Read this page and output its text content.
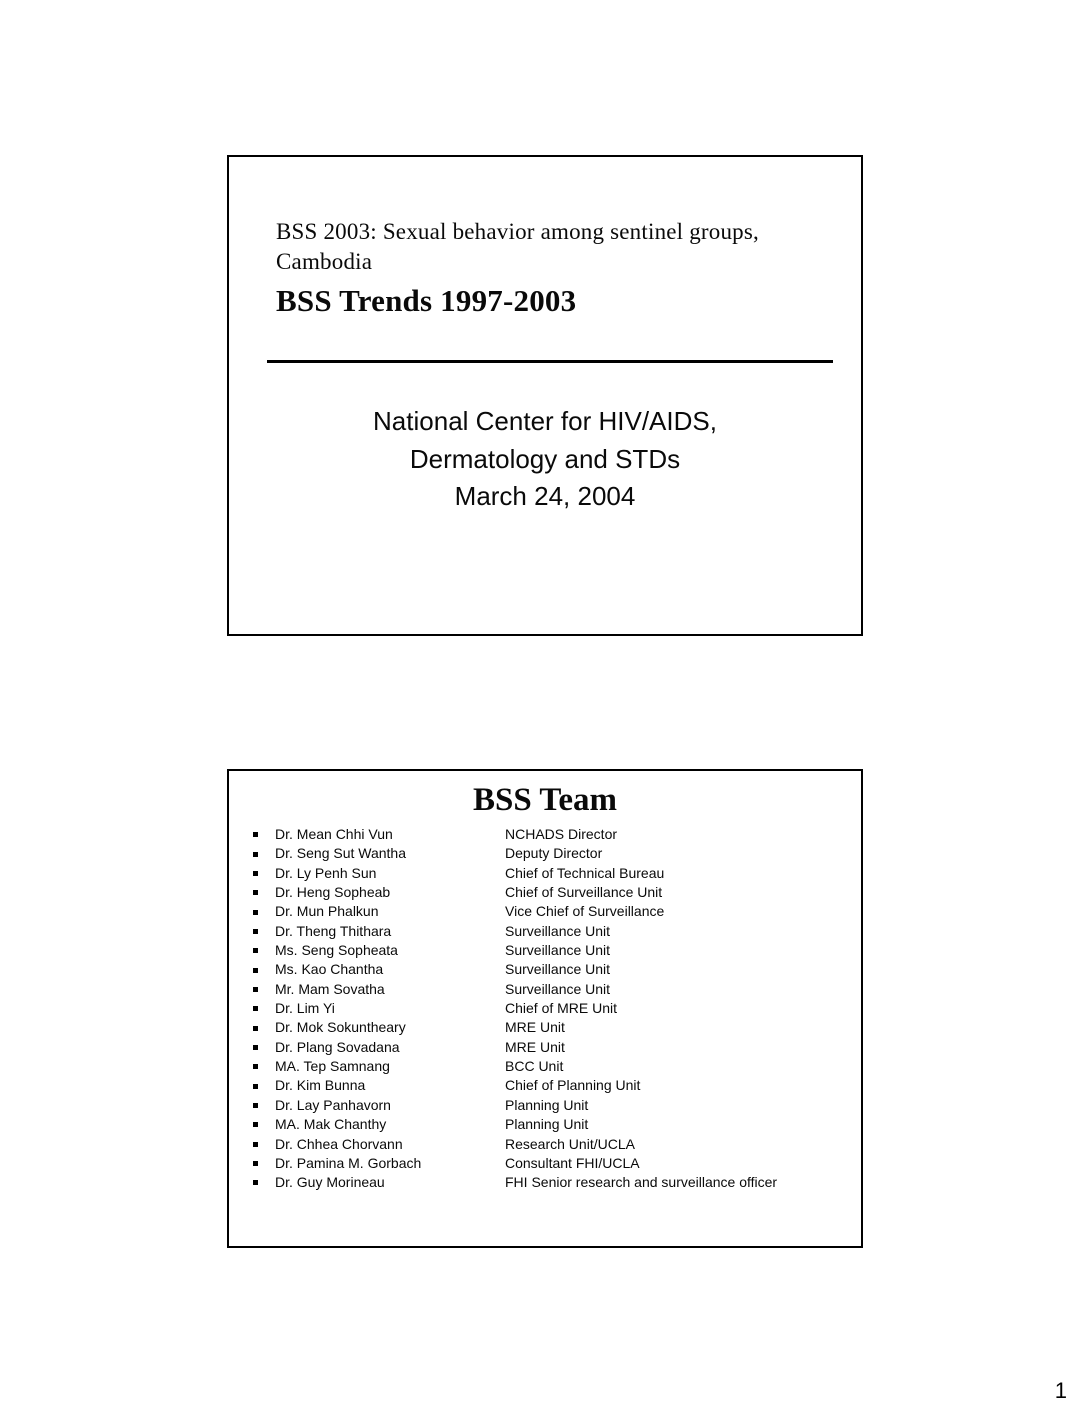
BSS 2003: Sexual behavior among sentinel groups,
Cambodia
BSS Trends 1997-2003
National Center for HIV/AIDS,
Dermatology and STDs
March 24, 2004
BSS Team
Dr. Mean Chhi Vun	NCHADS Director
Dr. Seng Sut Wantha	Deputy Director
Dr. Ly Penh Sun	Chief of Technical Bureau
Dr. Heng Sopheab	Chief of Surveillance Unit
Dr. Mun Phalkun	Vice Chief of Surveillance
Dr. Theng Thithara	Surveillance Unit
Ms. Seng Sopheata	Surveillance Unit
Ms. Kao Chantha	Surveillance Unit
Mr. Mam Sovatha	Surveillance Unit
Dr. Lim Yi	Chief of MRE Unit
Dr. Mok Sokuntheary	MRE Unit
Dr. Plang Sovadana	MRE Unit
MA. Tep Samnang	BCC Unit
Dr. Kim Bunna	Chief of Planning Unit
Dr. Lay Panhavorn	Planning Unit
MA. Mak Chanthy	Planning Unit
Dr. Chhea Chorvann	Research Unit/UCLA
Dr. Pamina M. Gorbach	Consultant FHI/UCLA
Dr. Guy Morineau	FHI Senior research and surveillance officer
1
